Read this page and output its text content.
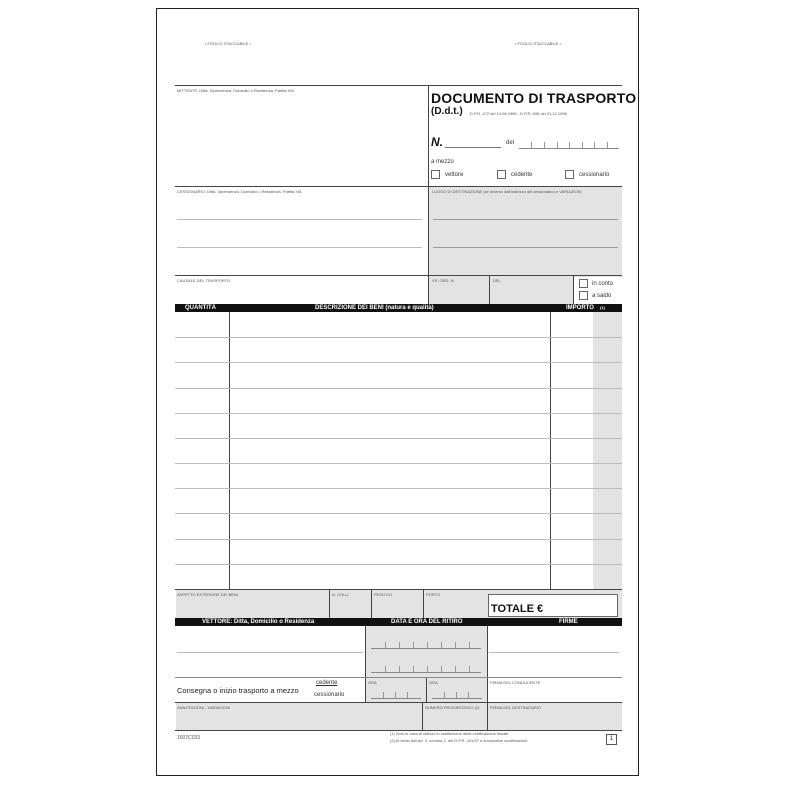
• FOGLIO STACCABILE •	• FOGLIO STACCABILE •
MITTENTE: Ditta, Dipendenza, Domicilio o Residenza, Partita IVA	DOCUMENTO DI TRASPORTO
(D.d.t.) D.P.R. 472 del 14.08.1996 - D.P.R. 696 del 21.12.1996
N.	del
a mezzo
vettore	cedente	cessionario
CESSIONARIO: Ditta, Dipendenza, Domicilio o Residenza, Partita IVA	LUOGO DI DESTINAZIONE (se diverso dall'indirizzo del cessionario) e VARIAZIONI
CAUSALE DEL TRASPORTO	VS. ORD. N.	DEL
in conto
a saldo
QUANTITÀ	DESCRIZIONE DEI BENI (natura e qualità)	IMPORTO (1)
ASPETTO ESTERIORE DEI BENI	N. COLLI	PESO KG	PORTO
TOTALE €
VETTORE: Ditta, Domicilio o Residenza	DATA E ORA DEL RITIRO	FIRME
ORA	ORA
Consegna o inizio trasporto a mezzo
cedente
cessionario
FIRMA DEL CONDUCENTE
ANNOTAZIONI - VARIAZIONI	NUMERO PROGRESSIVO (2)	FIRMA DEL DESTINATARIO
1607C033
(1) Solo in caso di utilizzo in sostituzione della certificazione fiscale.
(2) Ai sensi dell'art. 3, comma 2, del D.P.R. 441/97 e successive modificazioni.	1
